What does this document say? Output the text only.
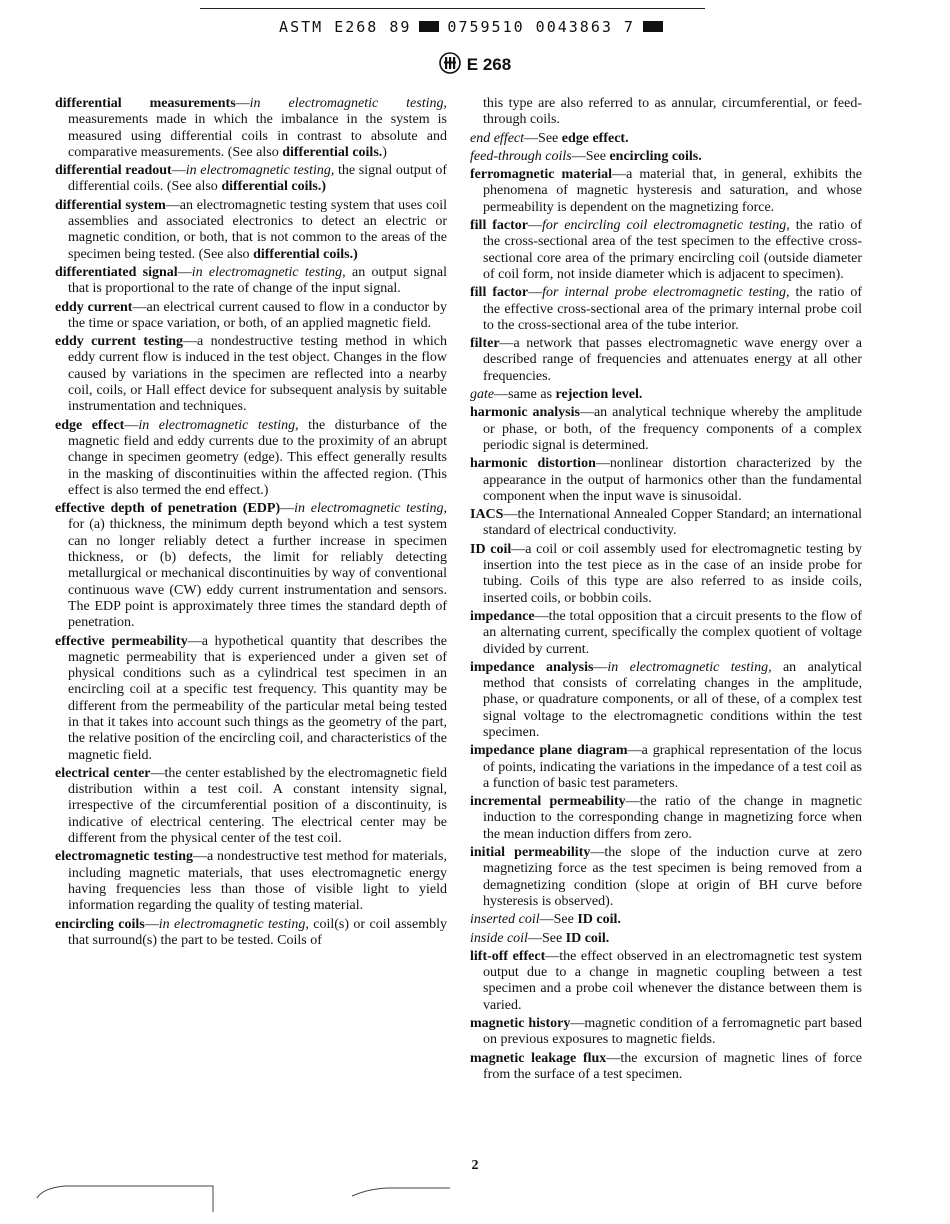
ASTM E268 89 0759510 0043863 7
E 268

differential measurements—in electromagnetic testing, measurements made in which the imbalance in the system is measured using differential coils in contrast to absolute and comparative measurements. (See also differential coils.)

differential readout—in electromagnetic testing, the signal output of differential coils. (See also differential coils.)

differential system—an electromagnetic testing system that uses coil assemblies and associated electronics to detect an electric or magnetic condition, or both, that is not common to the areas of the specimen being tested. (See also differential coils.)

differentiated signal—in electromagnetic testing, an output signal that is proportional to the rate of change of the input signal.

eddy current—an electrical current caused to flow in a conductor by the time or space variation, or both, of an applied magnetic field.

eddy current testing—a nondestructive testing method in which eddy current flow is induced in the test object. Changes in the flow caused by variations in the specimen are reflected into a nearby coil, coils, or Hall effect device for subsequent analysis by suitable instrumentation and techniques.

edge effect—in electromagnetic testing, the disturbance of the magnetic field and eddy currents due to the proximity of an abrupt change in specimen geometry (edge). This effect generally results in the masking of discontinuities within the affected region. (This effect is also termed the end effect.)

effective depth of penetration (EDP)—in electromagnetic testing, for (a) thickness, the minimum depth beyond which a test system can no longer reliably detect a further increase in specimen thickness, or (b) defects, the limit for reliably detecting metallurgical or mechanical discontinuities by way of conventional continuous wave (CW) eddy current instrumentation and sensors. The EDP point is approximately three times the standard depth of penetration.

effective permeability—a hypothetical quantity that describes the magnetic permeability that is experienced under a given set of physical conditions such as a cylindrical test specimen in an encircling coil at a specific test frequency. This quantity may be different from the permeability of the particular metal being tested in that it takes into account such things as the geometry of the part, the relative position of the encircling coil, and characteristics of the magnetic field.

electrical center—the center established by the electromagnetic field distribution within a test coil. A constant intensity signal, irrespective of the circumferential position of a discontinuity, is indicative of electrical centering. The electrical center may be different from the physical center of the test coil.

electromagnetic testing—a nondestructive test method for materials, including magnetic materials, that uses electromagnetic energy having frequencies less than those of visible light to yield information regarding the quality of testing material.

encircling coils—in electromagnetic testing, coil(s) or coil assembly that surround(s) the part to be tested. Coils of

this type are also referred to as annular, circumferential, or feed-through coils.

end effect—See edge effect.

feed-through coils—See encircling coils.

ferromagnetic material—a material that, in general, exhibits the phenomena of magnetic hysteresis and saturation, and whose permeability is dependent on the magnetizing force.

fill factor—for encircling coil electromagnetic testing, the ratio of the cross-sectional area of the test specimen to the effective cross-sectional core area of the primary encircling coil (outside diameter of coil form, not inside diameter which is adjacent to specimen).

fill factor—for internal probe electromagnetic testing, the ratio of the effective cross-sectional area of the primary internal probe coil to the cross-sectional area of the tube interior.

filter—a network that passes electromagnetic wave energy over a described range of frequencies and attenuates energy at all other frequencies.

gate—same as rejection level.

harmonic analysis—an analytical technique whereby the amplitude or phase, or both, of the frequency components of a complex periodic signal is determined.

harmonic distortion—nonlinear distortion characterized by the appearance in the output of harmonics other than the fundamental component when the input wave is sinusoidal.

IACS—the International Annealed Copper Standard; an international standard of electrical conductivity.

ID coil—a coil or coil assembly used for electromagnetic testing by insertion into the test piece as in the case of an inside probe for tubing. Coils of this type are also referred to as inside coils, inserted coils, or bobbin coils.

impedance—the total opposition that a circuit presents to the flow of an alternating current, specifically the complex quotient of voltage divided by current.

impedance analysis—in electromagnetic testing, an analytical method that consists of correlating changes in the amplitude, phase, or quadrature components, or all of these, of a complex test signal voltage to the electromagnetic conditions within the test specimen.

impedance plane diagram—a graphical representation of the locus of points, indicating the variations in the impedance of a test coil as a function of basic test parameters.

incremental permeability—the ratio of the change in magnetic induction to the corresponding change in magnetizing force when the mean induction differs from zero.

initial permeability—the slope of the induction curve at zero magnetizing force as the test specimen is being removed from a demagnetizing condition (slope at origin of BH curve before hysteresis is observed).

inserted coil—See ID coil.

inside coil—See ID coil.

lift-off effect—the effect observed in an electromagnetic test system output due to a change in magnetic coupling between a test specimen and a probe coil whenever the distance between them is varied.

magnetic history—magnetic condition of a ferromagnetic part based on previous exposures to magnetic fields.

magnetic leakage flux—the excursion of magnetic lines of force from the surface of a test specimen.

2
